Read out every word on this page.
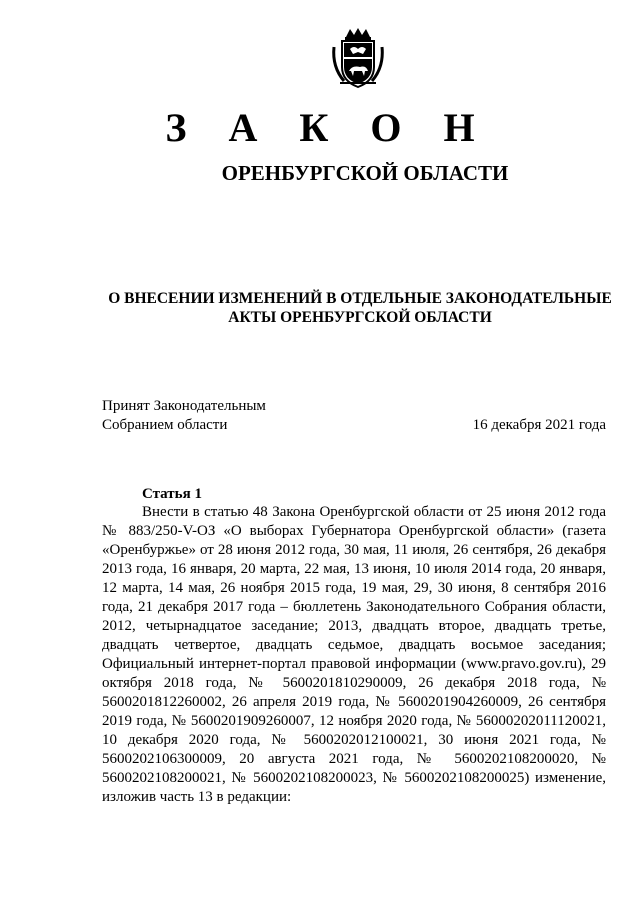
З А К О Н
ОРЕНБУРГСКОЙ ОБЛАСТИ
О ВНЕСЕНИИ ИЗМЕНЕНИЙ В ОТДЕЛЬНЫЕ ЗАКОНОДАТЕЛЬНЫЕ
АКТЫ ОРЕНБУРГСКОЙ ОБЛАСТИ
Принят Законодательным
Собранием области	16 декабря 2021 года
Статья 1

Внести в статью 48 Закона Оренбургской области от 25 июня 2012 года № 883/250-V-ОЗ «О выборах Губернатора Оренбургской области» (газета «Оренбуржье» от 28 июня 2012 года, 30 мая, 11 июля, 26 сентября, 26 декабря 2013 года, 16 января, 20 марта, 22 мая, 13 июня, 10 июля 2014 года, 20 января, 12 марта, 14 мая, 26 ноября 2015 года, 19 мая, 29, 30 июня, 8 сентября 2016 года, 21 декабря 2017 года – бюллетень Законодательного Собрания области, 2012, четырнадцатое заседание; 2013, двадцать второе, двадцать третье, двадцать четвертое, двадцать седьмое, двадцать восьмое заседания; Официальный интернет-портал правовой информации (www.pravo.gov.ru), 29 октября 2018 года, № 5600201810290009, 26 декабря 2018 года, № 5600201812260002, 26 апреля 2019 года, № 5600201904260009, 26 сентября 2019 года, № 5600201909260007, 12 ноября 2020 года, № 56000202011120021, 10 декабря 2020 года, № 5600202012100021, 30 июня 2021 года, № 5600202106300009, 20 августа 2021 года, № 5600202108200020, № 5600202108200021, № 5600202108200023, № 5600202108200025) изменение, изложив часть 13 в редакции:
